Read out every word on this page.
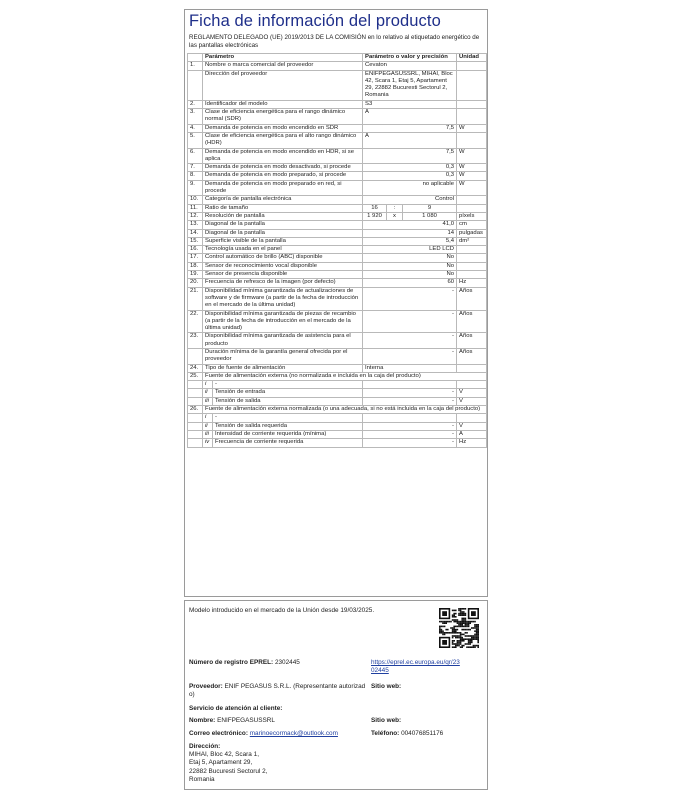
Ficha de información del producto
REGLAMENTO DELEGADO (UE) 2019/2013 DE LA COMISIÓN en lo relativo al etiquetado energético de las pantallas electrónicas
	Parámetro		Parámetro o valor y precisión			Unidad
1.	Nombre o marca comercial del proveedor		Cevaton			
	Dirección del proveedor		ENIFPEGASUSSRL, MIHAI, Bloc 42, Scara 1, Etaj 5, Apartament 29, 22882 Bucuresti Sectorul 2, Romania			
2.	Identificador del modelo		S3			
3.	Clase de eficiencia energética para el rango dinámico normal (SDR)		A			
4.	Demanda de potencia en modo encendido en SDR		7,5			W
5.	Clase de eficiencia energética para el alto rango dinámico (HDR)		A			
6.	Demanda de potencia en modo encendido en HDR, si se aplica		7,5			W
7.	Demanda de potencia en modo desactivado, si procede		0,3			W
8.	Demanda de potencia en modo preparado, si procede		0,3			W
9.	Demanda de potencia en modo preparado en red, si procede		no aplicable			W
10.	Categoría de pantalla electrónica		Control			
11.	Ratio de tamaño		16	:	9	
12.	Resolución de pantalla		1 920	x	1 080	píxels
13.	Diagonal de la pantalla		41,0			cm
14.	Diagonal de la pantalla		14			pulgadas
15.	Superficie visible de la pantalla		5,4			dm²
16.	Tecnología usada en el panel		LED LCD			
17.	Control automático de brillo (ABC) disponible		No			
18.	Sensor de reconocimiento vocal disponible		No			
19.	Sensor de presencia disponible		No			
20.	Frecuencia de refresco de la imagen (por defecto)		60			Hz
21.	Disponibilidad mínima garantizada de actualizaciones de software y de firmware (a partir de la fecha de introducción en el mercado de la última unidad)		-			Años
22.	Disponibilidad mínima garantizada de piezas de recambio (a partir de la fecha de introducción en el mercado de la última unidad)		-			Años
23.	Disponibilidad mínima garantizada de asistencia para el producto		-			Años
	Duración mínima de la garantía general ofrecida por el proveedor		-			Años
24.	Tipo de fuente de alimentación		Interna			
25.	Fuente de alimentación externa (no normalizada e incluida en la caja del producto)					
	i	-				
	ii	Tensión de entrada	-			V
	iii	Tensión de salida	-			V
26.	Fuente de alimentación externa normalizada (o una adecuada, si no está incluida en la caja del producto)					
	i	-				
	ii	Tensión de salida requerida	-			V
	iii	Intensidad de corriente requerida (mínima)	-			A
	iv	Frecuencia de corriente requerida	-			Hz
Modelo introducido en el mercado de la Unión desde 19/03/2025.
Número de registro EPREL: 2302445	https://eprel.ec.europa.eu/qr/23
02445
Proveedor: ENIF PEGASUS S.R.L. (Representante autorizad
o)
Sitio web:
Servicio de atención al cliente:
Nombre: ENIFPEGASUSSRL	Sitio web:
Correo electrónico: marinoecormack@outlook.com	Teléfono: 004076851176
Dirección:
MIHAI, Bloc 42, Scara 1,
Etaj 5, Apartament 29,
22882 Bucuresti Sectorul 2,
Romania
